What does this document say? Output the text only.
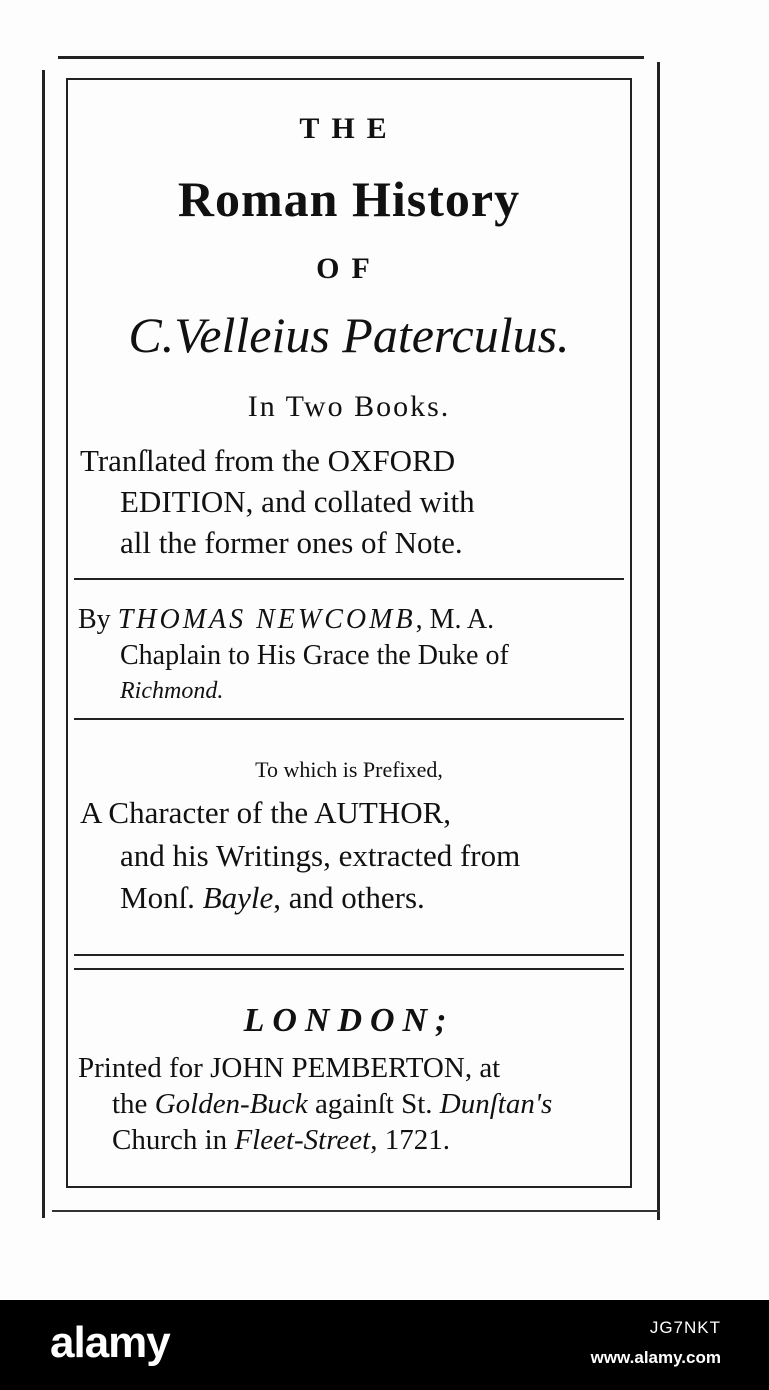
THE
Roman History
OF
C.Velleius Paterculus.
In Two Books.
Tranſlated from the OXFORD
EDITION, and collated with
all the former ones of Note.
By THOMAS NEWCOMB, M. A.
Chaplain to His Grace the Duke of
Richmond.
To which is Prefixed,
A Character of the AUTHOR,
and his Writings, extracted from
Monſ. Bayle, and others.
LONDON;
Printed for JOHN PEMBERTON, at
the Golden-Buck againſt St. Dunſtan's
Church in Fleet-Street, 1721.
alamy	JG7NKT
www.alamy.com
